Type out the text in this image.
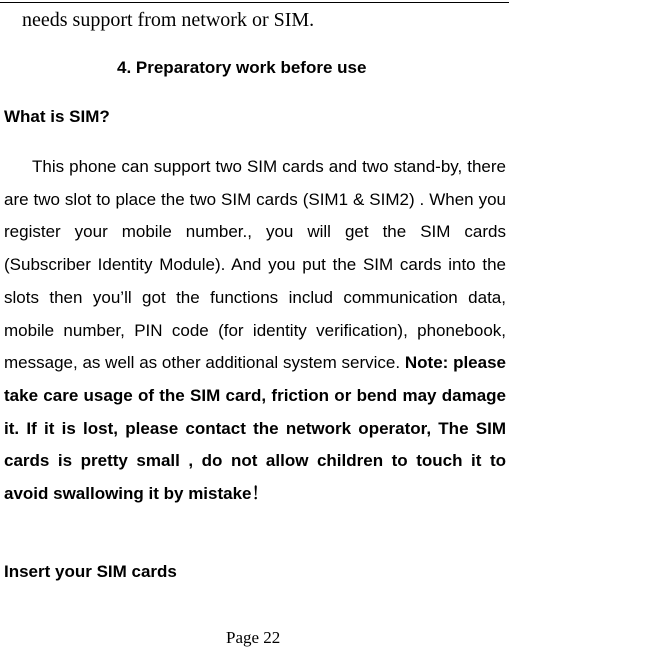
needs support from network or SIM.
4. Preparatory work before use
What is SIM?

This phone can support two SIM cards and two stand-by, there are two slot to place the two SIM cards (SIM1 & SIM2) . When you register your mobile number., you will get the SIM cards (Subscriber Identity Module). And you put the SIM cards into the slots then you’ll got the functions includ communication data, mobile number, PIN code (for identity verification), phonebook, message, as well as other additional system service. Note: please take care usage of the SIM card, friction or bend may damage it. If it is lost, please contact the network operator, The SIM cards is pretty small , do not allow children to touch it to avoid swallowing it by mistake！

Insert your SIM cards
Page 22
